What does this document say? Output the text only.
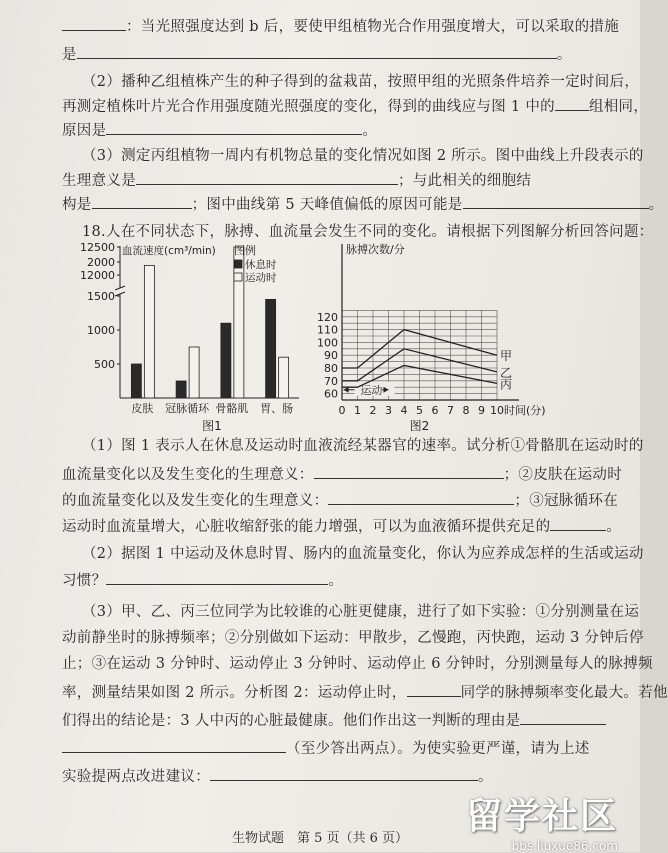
：当光照强度达到 b 后，要使甲组植物光合作用强度增大，可以采取的措施
是	。
（2）播种乙组植株产生的种子得到的盆栽苗，按照甲组的光照条件培养一定时间后，
再测定植株叶片光合作用强度随光照强度的变化，得到的曲线应与图 1 中的 组相同，
原因是	。
（3）测定丙组植物一周内有机物总量的变化情况如图 2 所示。图中曲线上升段表示的
生理意义是	；与此相关的细胞结
构是	；图中曲线第 5 天峰值偏低的原因可能是	。
18.人在不同状态下，脉搏、血流量会发生不同的变化。请根据下列图解分析回答问题：
500
1000
1500
2000
12000
12500 血流速度(cm³/min)
皮肤 冠脉循环 骨骼肌 胃、肠
图例
休息时
运动时
图1
脉搏次数/分
60
70
80
90
100
110
120
0 1 2 3 4 5 6 7 8 9 10 时间(分)
运动
甲
乙
丙
图2
（1）图 1 表示人在休息及运动时血液流经某器官的速率。试分析①骨骼肌在运动时的
血流量变化以及发生变化的生理意义：	；②皮肤在运动时
的血流量变化以及发生变化的生理意义：	；③冠脉循环在
运动时血流量增大，心脏收缩舒张的能力增强，可以为血液循环提供充足的	。
（2）据图 1 中运动及休息时胃、肠内的血流量变化，你认为应养成怎样的生活或运动
习惯？	。
（3）甲、乙、丙三位同学为比较谁的心脏更健康，进行了如下实验：①分别测量在运
动前静坐时的脉搏频率；②分别做如下运动：甲散步，乙慢跑，丙快跑，运动 3 分钟后停
止；③在运动 3 分钟时、运动停止 3 分钟时、运动停止 6 分钟时，分别测量每人的脉搏频
率，测量结果如图 2 所示。分析图 2：运动停止时，	同学的脉搏频率变化最大。若他
们得出的结论是：3 人中丙的心脏最健康。他们作出这一判断的理由是
（至少答出两点）。为使实验更严谨，请为上述
实验提两点改进建议：	。
生物试题　第 5 页（共 6 页）
留学社区
bbs.liuxue86.com
